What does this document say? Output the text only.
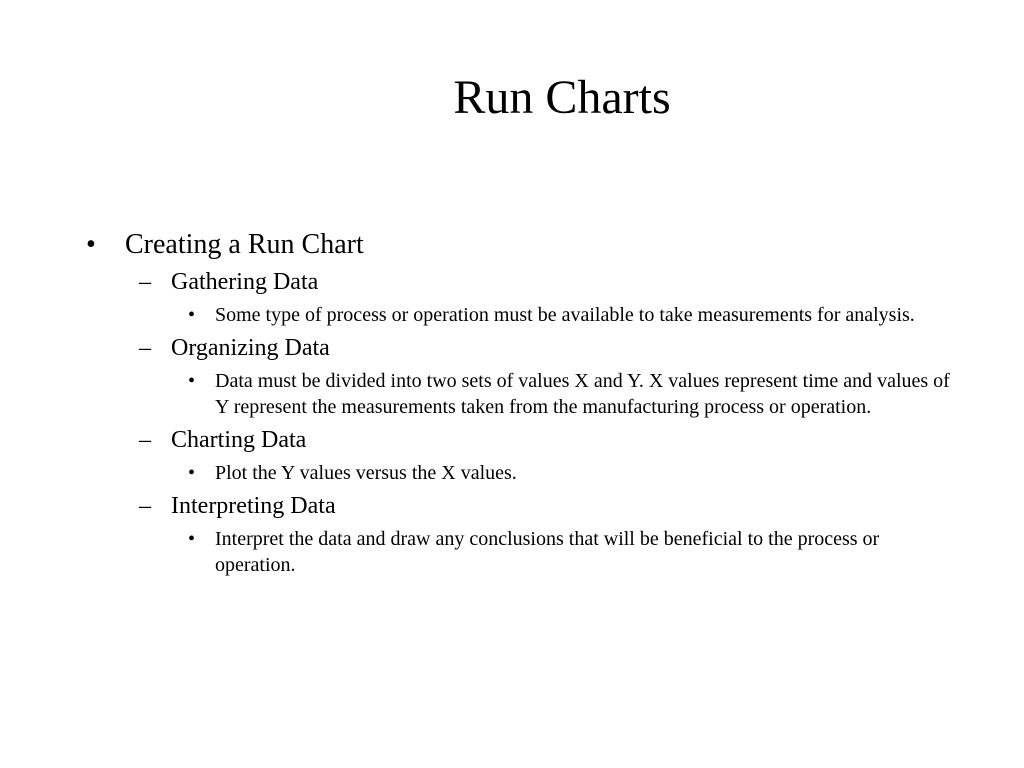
Run Charts
• Creating a Run Chart
– Gathering Data
• Some type of process or operation must be available to take measurements for analysis.
– Organizing Data
• Data must be divided into two sets of values X and Y. X values represent time and values of Y represent the measurements taken from the manufacturing process or operation.
– Charting Data
• Plot the Y values versus the X values.
– Interpreting Data
• Interpret the data and draw any conclusions that will be beneficial to the process or operation.
